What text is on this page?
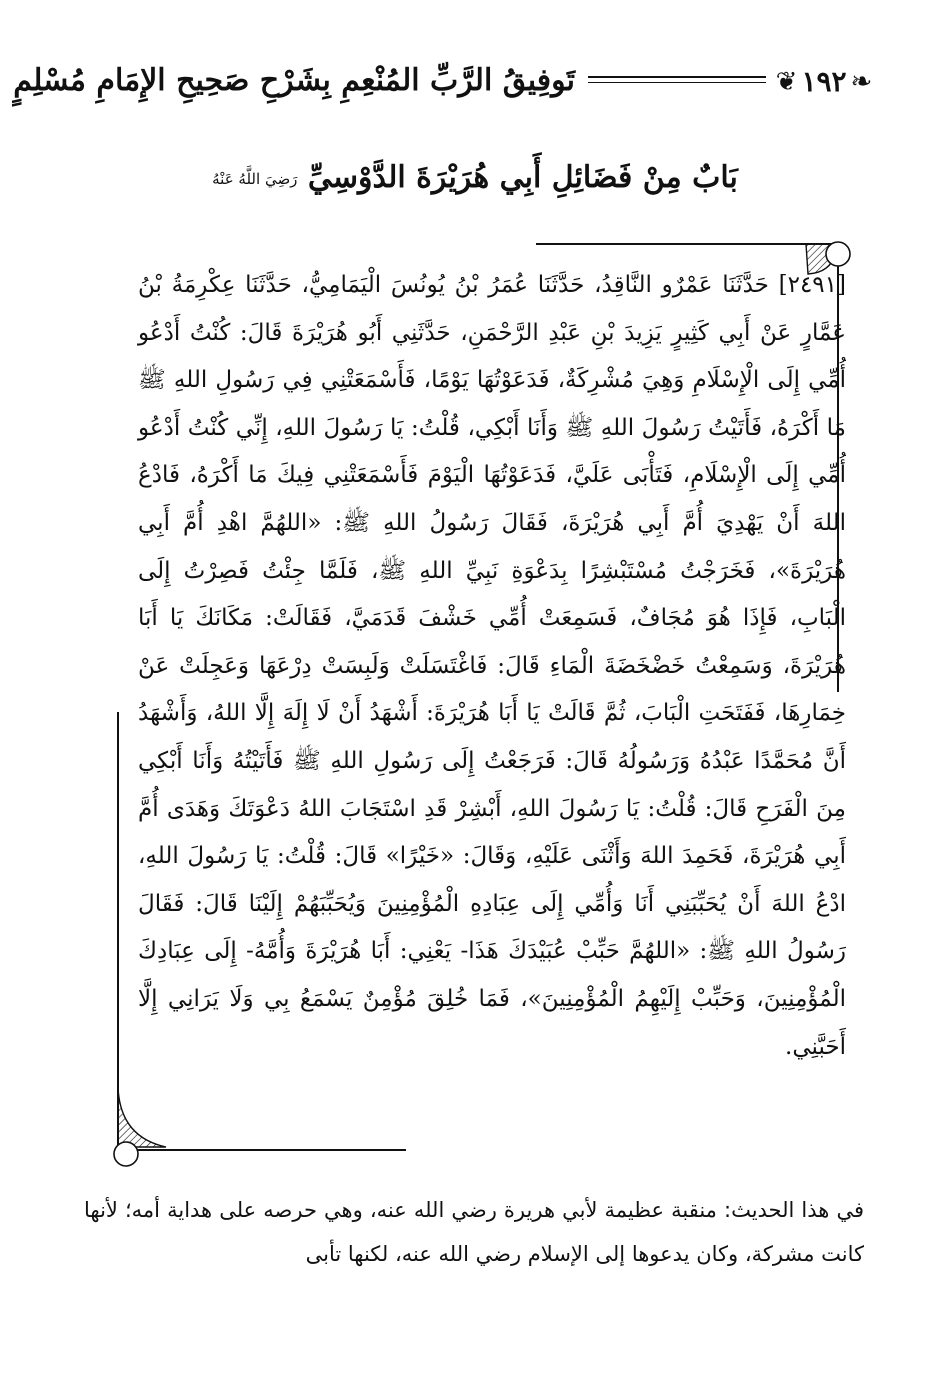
❦ ١٩٢ ❧
تَوفِيقُ الرَّبِّ المُنْعِمِ بِشَرْحِ صَحِيحِ الإِمَامِ مُسْلِمٍ
بَابٌ مِنْ فَضَائِلِ أَبِي هُرَيْرَةَ الدَّوْسِيِّ رَضِيَ اللَّهُ عَنْهُ

[٢٤٩١] حَدَّثَنَا عَمْرٌو النَّاقِدُ، حَدَّثَنَا عُمَرُ بْنُ يُونُسَ الْيَمَامِيُّ، حَدَّثَنَا عِكْرِمَةُ بْنُ عَمَّارٍ عَنْ أَبِي كَثِيرٍ يَزِيدَ بْنِ عَبْدِ الرَّحْمَنِ، حَدَّثَنِي أَبُو هُرَيْرَةَ قَالَ: كُنْتُ أَدْعُو أُمِّي إِلَى الْإِسْلَامِ وَهِيَ مُشْرِكَةٌ، فَدَعَوْتُهَا يَوْمًا، فَأَسْمَعَتْنِي فِي رَسُولِ اللهِ ﷺ مَا أَكْرَهُ، فَأَتَيْتُ رَسُولَ اللهِ ﷺ وَأَنَا أَبْكِي، قُلْتُ: يَا رَسُولَ اللهِ، إِنِّي كُنْتُ أَدْعُو أُمِّي إِلَى الْإِسْلَامِ، فَتَأْبَى عَلَيَّ، فَدَعَوْتُهَا الْيَوْمَ فَأَسْمَعَتْنِي فِيكَ مَا أَكْرَهُ، فَادْعُ اللهَ أَنْ يَهْدِيَ أُمَّ أَبِي هُرَيْرَةَ، فَقَالَ رَسُولُ اللهِ ﷺ: «اللهُمَّ اهْدِ أُمَّ أَبِي هُرَيْرَةَ»، فَخَرَجْتُ مُسْتَبْشِرًا بِدَعْوَةِ نَبِيِّ اللهِ ﷺ، فَلَمَّا جِئْتُ فَصِرْتُ إِلَى الْبَابِ، فَإِذَا هُوَ مُجَافٌ، فَسَمِعَتْ أُمِّي خَشْفَ قَدَمَيَّ، فَقَالَتْ: مَكَانَكَ يَا أَبَا هُرَيْرَةَ، وَسَمِعْتُ خَضْخَضَةَ الْمَاءِ قَالَ: فَاغْتَسَلَتْ وَلَبِسَتْ دِرْعَهَا وَعَجِلَتْ عَنْ خِمَارِهَا، فَفَتَحَتِ الْبَابَ، ثُمَّ قَالَتْ يَا أَبَا هُرَيْرَةَ: أَشْهَدُ أَنْ لَا إِلَهَ إِلَّا اللهُ، وَأَشْهَدُ أَنَّ مُحَمَّدًا عَبْدُهُ وَرَسُولُهُ قَالَ: فَرَجَعْتُ إِلَى رَسُولِ اللهِ ﷺ فَأَتَيْتُهُ وَأَنَا أَبْكِي مِنَ الْفَرَحِ قَالَ: قُلْتُ: يَا رَسُولَ اللهِ، أَبْشِرْ قَدِ اسْتَجَابَ اللهُ دَعْوَتَكَ وَهَدَى أُمَّ أَبِي هُرَيْرَةَ، فَحَمِدَ اللهَ وَأَثْنَى عَلَيْهِ، وَقَالَ: «خَيْرًا» قَالَ: قُلْتُ: يَا رَسُولَ اللهِ، ادْعُ اللهَ أَنْ يُحَبِّبَنِي أَنَا وَأُمِّي إِلَى عِبَادِهِ الْمُؤْمِنِينَ وَيُحَبِّبَهُمْ إِلَيْنَا قَالَ: فَقَالَ رَسُولُ اللهِ ﷺ: «اللهُمَّ حَبِّبْ عُبَيْدَكَ هَذَا- يَعْنِي: أَبَا هُرَيْرَةَ وَأُمَّهُ- إِلَى عِبَادِكَ الْمُؤْمِنِينَ، وَحَبِّبْ إِلَيْهِمُ الْمُؤْمِنِينَ»، فَمَا خُلِقَ مُؤْمِنٌ يَسْمَعُ بِي وَلَا يَرَانِي إِلَّا أَحَبَّنِي.

في هذا الحديث: منقبة عظيمة لأبي هريرة رضي الله عنه، وهي حرصه على هداية أمه؛ لأنها كانت مشركة، وكان يدعوها إلى الإسلام رضي الله عنه، لكنها تأبى
